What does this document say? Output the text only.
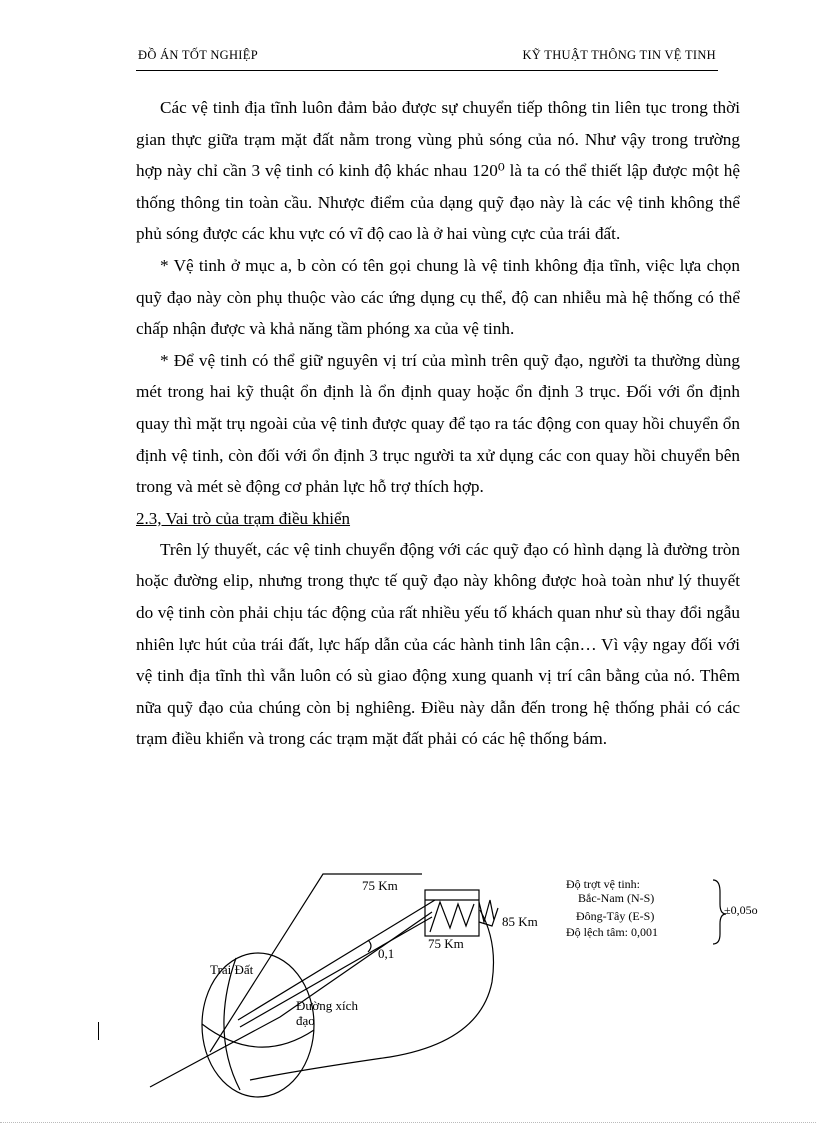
ĐỒ ÁN TỐT NGHIỆP	KỸ THUẬT THÔNG TIN VỆ TINH

Các vệ tinh địa tĩnh luôn đảm bảo được sự chuyển tiếp thông tin liên tục trong thời gian thực giữa trạm mặt đất nằm trong vùng phủ sóng của nó. Như vậy trong trường hợp này chỉ cần 3 vệ tinh có kinh độ khác nhau 120⁰ là ta có thể thiết lập được một hệ thống thông tin toàn cầu. Nhược điểm của dạng quỹ đạo này là các vệ tinh không thể phủ sóng được các khu vực có vĩ độ cao là ở hai vùng cực của trái đất.

* Vệ tinh ở mục a, b còn có tên gọi chung là vệ tinh không địa tĩnh, việc lựa chọn quỹ đạo này còn phụ thuộc vào các ứng dụng cụ thể, độ can nhiễu mà hệ thống có thể chấp nhận được và khả năng tầm phóng xa của vệ tinh.

* Để vệ tinh có thể giữ nguyên vị trí của mình trên quỹ đạo, người ta thường dùng mét trong hai kỹ thuật ổn định là ổn định quay hoặc ổn định 3 trục. Đối với ổn định quay thì mặt trụ ngoài của vệ tinh được quay để tạo ra tác động con quay hồi chuyển ổn định vệ tinh, còn đối với ổn định 3 trục người ta xử dụng các con quay hồi chuyển bên trong và mét sè động cơ phản lực hỗ trợ thích hợp.

2.3, Vai trò của trạm điều khiển

Trên lý thuyết, các vệ tinh chuyển động với các quỹ đạo có hình dạng là đường tròn hoặc đường elip, nhưng trong thực tế quỹ đạo này không được hoà toàn như lý thuyết do vệ tinh còn phải chịu tác động của rất nhiều yếu tố khách quan như sù thay đổi ngẫu nhiên lực hút của trái đất, lực hấp dẫn của các hành tinh lân cận… Vì vậy ngay đối với vệ tinh địa tĩnh thì vẫn luôn có sù giao động xung quanh vị trí cân bằng của nó. Thêm nữa quỹ đạo của chúng còn bị nghiêng. Điều này dẫn đến trong hệ thống phải có các trạm điều khiển và trong các trạm mặt đất phải có các hệ thống bám.

75 Km
75 Km
85 Km
0,1
Trái Đất
Đường xích
đạo
Độ trợt vệ tinh:
Bắc-Nam (N-S)
Đông-Tây (E-S)	±0,05o
Độ lệch tâm: 0,001
